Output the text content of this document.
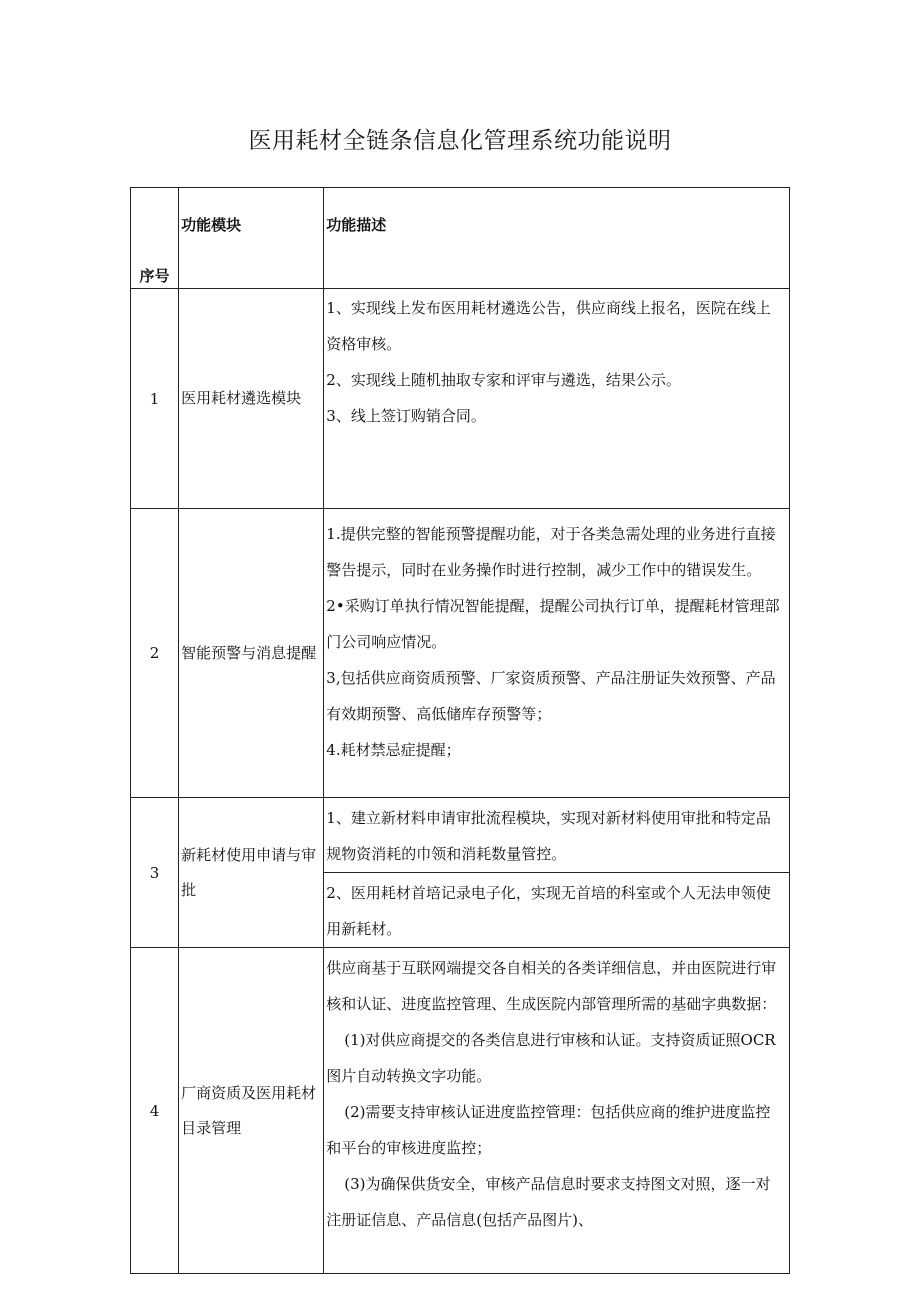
医用耗材全链条信息化管理系统功能说明
序号	功能模块	功能描述
1	医用耗材遴选模块	1、实现线上发布医用耗材遴选公告，供应商线上报名，医院在线上资格审核。

2、实现线上随机抽取专家和评审与遴选，结果公示。

3、线上签订购销合同。

2	智能预警与消息提醒	1.提供完整的智能预警提醒功能，对于各类急需处理的业务进行直接警告提示，同时在业务操作时进行控制，减少工作中的错误发生。

2•采购订单执行情况智能提醒，提醒公司执行订单，提醒耗材管理部门公司响应情况。

3,包括供应商资质预警、厂家资质预警、产品注册证失效预警、产品有效期预警、高低储库存预警等；

4.耗材禁忌症提醒；

3	新耗材使用申请与审批	1、建立新材料申请审批流程模块，实现对新材料使用审批和特定品规物资消耗的巾领和消耗数量管控。
		2、医用耗材首培记录电子化，实现无首培的科室或个人无法申领使用新耗材。
4	厂商资质及医用耗材目录管理	供应商基于互联网端提交各自相关的各类详细信息，并由医院进行审核和认证、进度监控管理、生成医院内部管理所需的基础字典数据：

(1)对供应商提交的各类信息进行审核和认证。支持资质证照OCR图片自动转换文字功能。

(2)需要支持审核认证进度监控管理：包括供应商的维护进度监控和平台的审核进度监控；

(3)为确保供货安全，审核产品信息时要求支持图文对照，逐一对注册证信息、产品信息(包括产品图片)、
